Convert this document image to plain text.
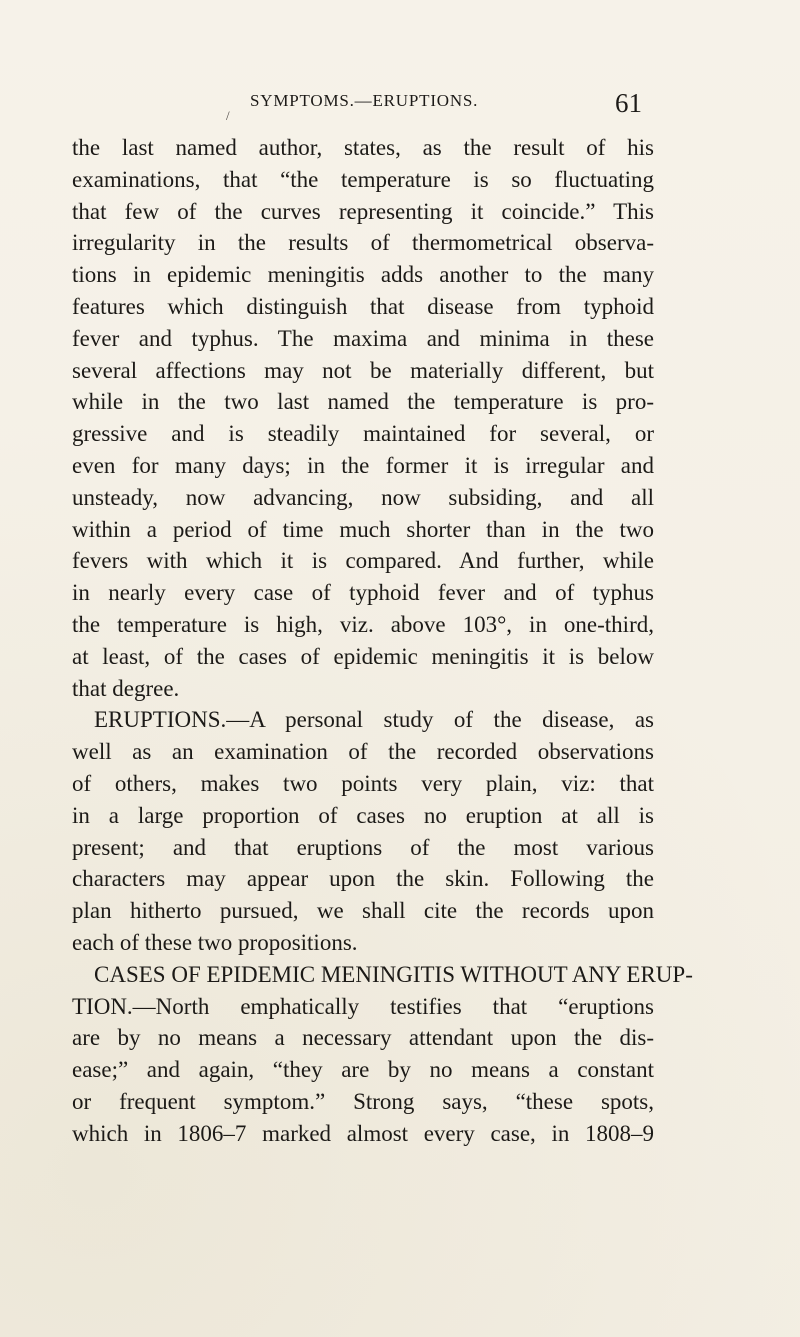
SYMPTOMS.—ERUPTIONS.	61
/
the last named author, states, as the result of his
examinations, that “the temperature is so fluctuating
that few of the curves representing it coincide.” This
irregularity in the results of thermometrical observa-
tions in epidemic meningitis adds another to the many
features which distinguish that disease from typhoid
fever and typhus. The maxima and minima in these
several affections may not be materially different, but
while in the two last named the temperature is pro-
gressive and is steadily maintained for several, or
even for many days; in the former it is irregular and
unsteady, now advancing, now subsiding, and all
within a period of time much shorter than in the two
fevers with which it is compared. And further, while
in nearly every case of typhoid fever and of typhus
the temperature is high, viz. above 103°, in one-third,
at least, of the cases of epidemic meningitis it is below
that degree.
ERUPTIONS.—A personal study of the disease, as
well as an examination of the recorded observations
of others, makes two points very plain, viz: that
in a large proportion of cases no eruption at all is
present; and that eruptions of the most various
characters may appear upon the skin. Following the
plan hitherto pursued, we shall cite the records upon
each of these two propositions.
CASES OF EPIDEMIC MENINGITIS WITHOUT ANY ERUP-
TION.—North emphatically testifies that “eruptions
are by no means a necessary attendant upon the dis-
ease;” and again, “they are by no means a constant
or frequent symptom.” Strong says, “these spots,
which in 1806–7 marked almost every case, in 1808–9
